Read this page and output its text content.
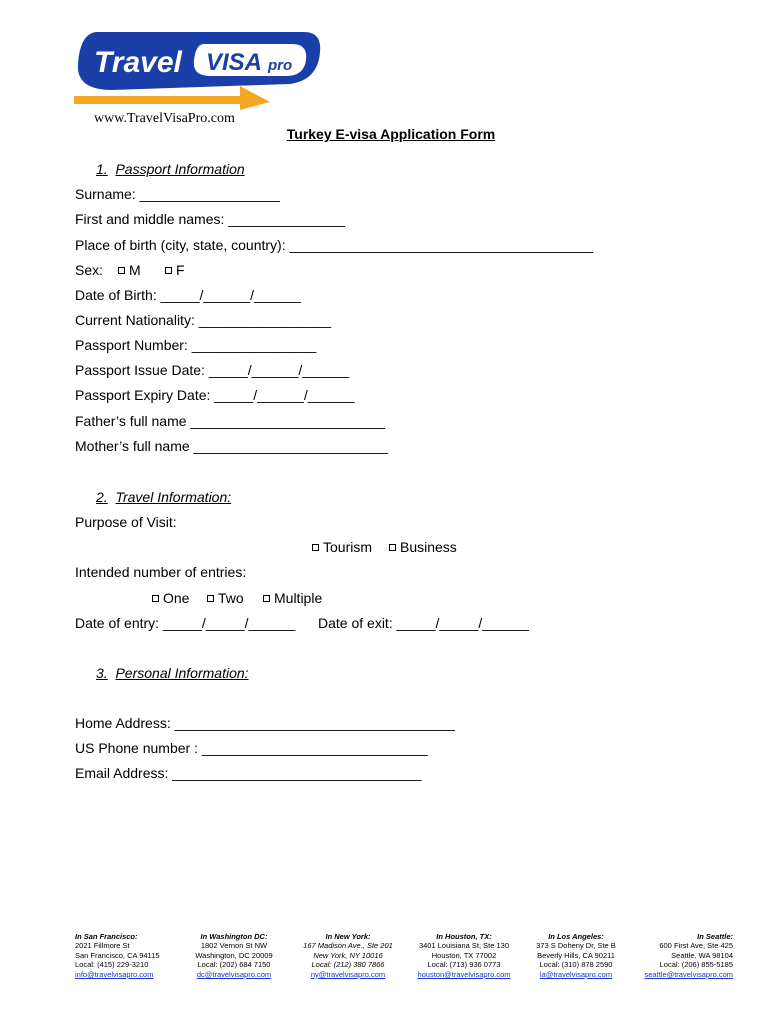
Travel VISA pro
www.TravelVisaPro.com
Turkey E-visa Application Form
1. Passport Information
Surname: __________________
First and middle names: _______________
Place of birth (city, state, country): _______________________________________
Sex:	M	F
Date of Birth: _____/______/______
Current Nationality: _________________
Passport Number: ________________
Passport Issue Date: _____/______/______
Passport Expiry Date: _____/______/______
Father’s full name _________________________
Mother’s full name _________________________
2. Travel Information:
Purpose of Visit:
Tourism	Business
Intended number of entries:
One	Two	Multiple
Date of entry: _____/_____/______ Date of exit: _____/_____/______
3. Personal Information:
Home Address: ____________________________________
US Phone number : _____________________________
Email Address: ________________________________
In San Francisco:
2021 Fillmore St
San Francisco, CA 94115
Local: (415) 229-3210
info@travelvisapro.com
In Washington DC:
1802 Vernon St NW
Washington, DC 20009
Local: (202) 684 7150
dc@travelvisapro.com
In New York:
167 Madison Ave., Ste 201
New York, NY 10016
Local: (212) 380 7866
ny@travelvisapro.com
In Houston, TX:
3401 Louisiana St, Ste 130
Houston, TX 77002
Local: (713) 936 0773
houston@travelvisapro.com
In Los Angeles:
373 S Doheny Dr, Ste B
Beverly Hills, CA 90211
Local: (310) 878 2590
la@travelvisapro.com
In Seattle:
600 First Ave, Ste 425
Seattle, WA 98104
Local: (206) 855-5185
seattle@travelvisapro.com
